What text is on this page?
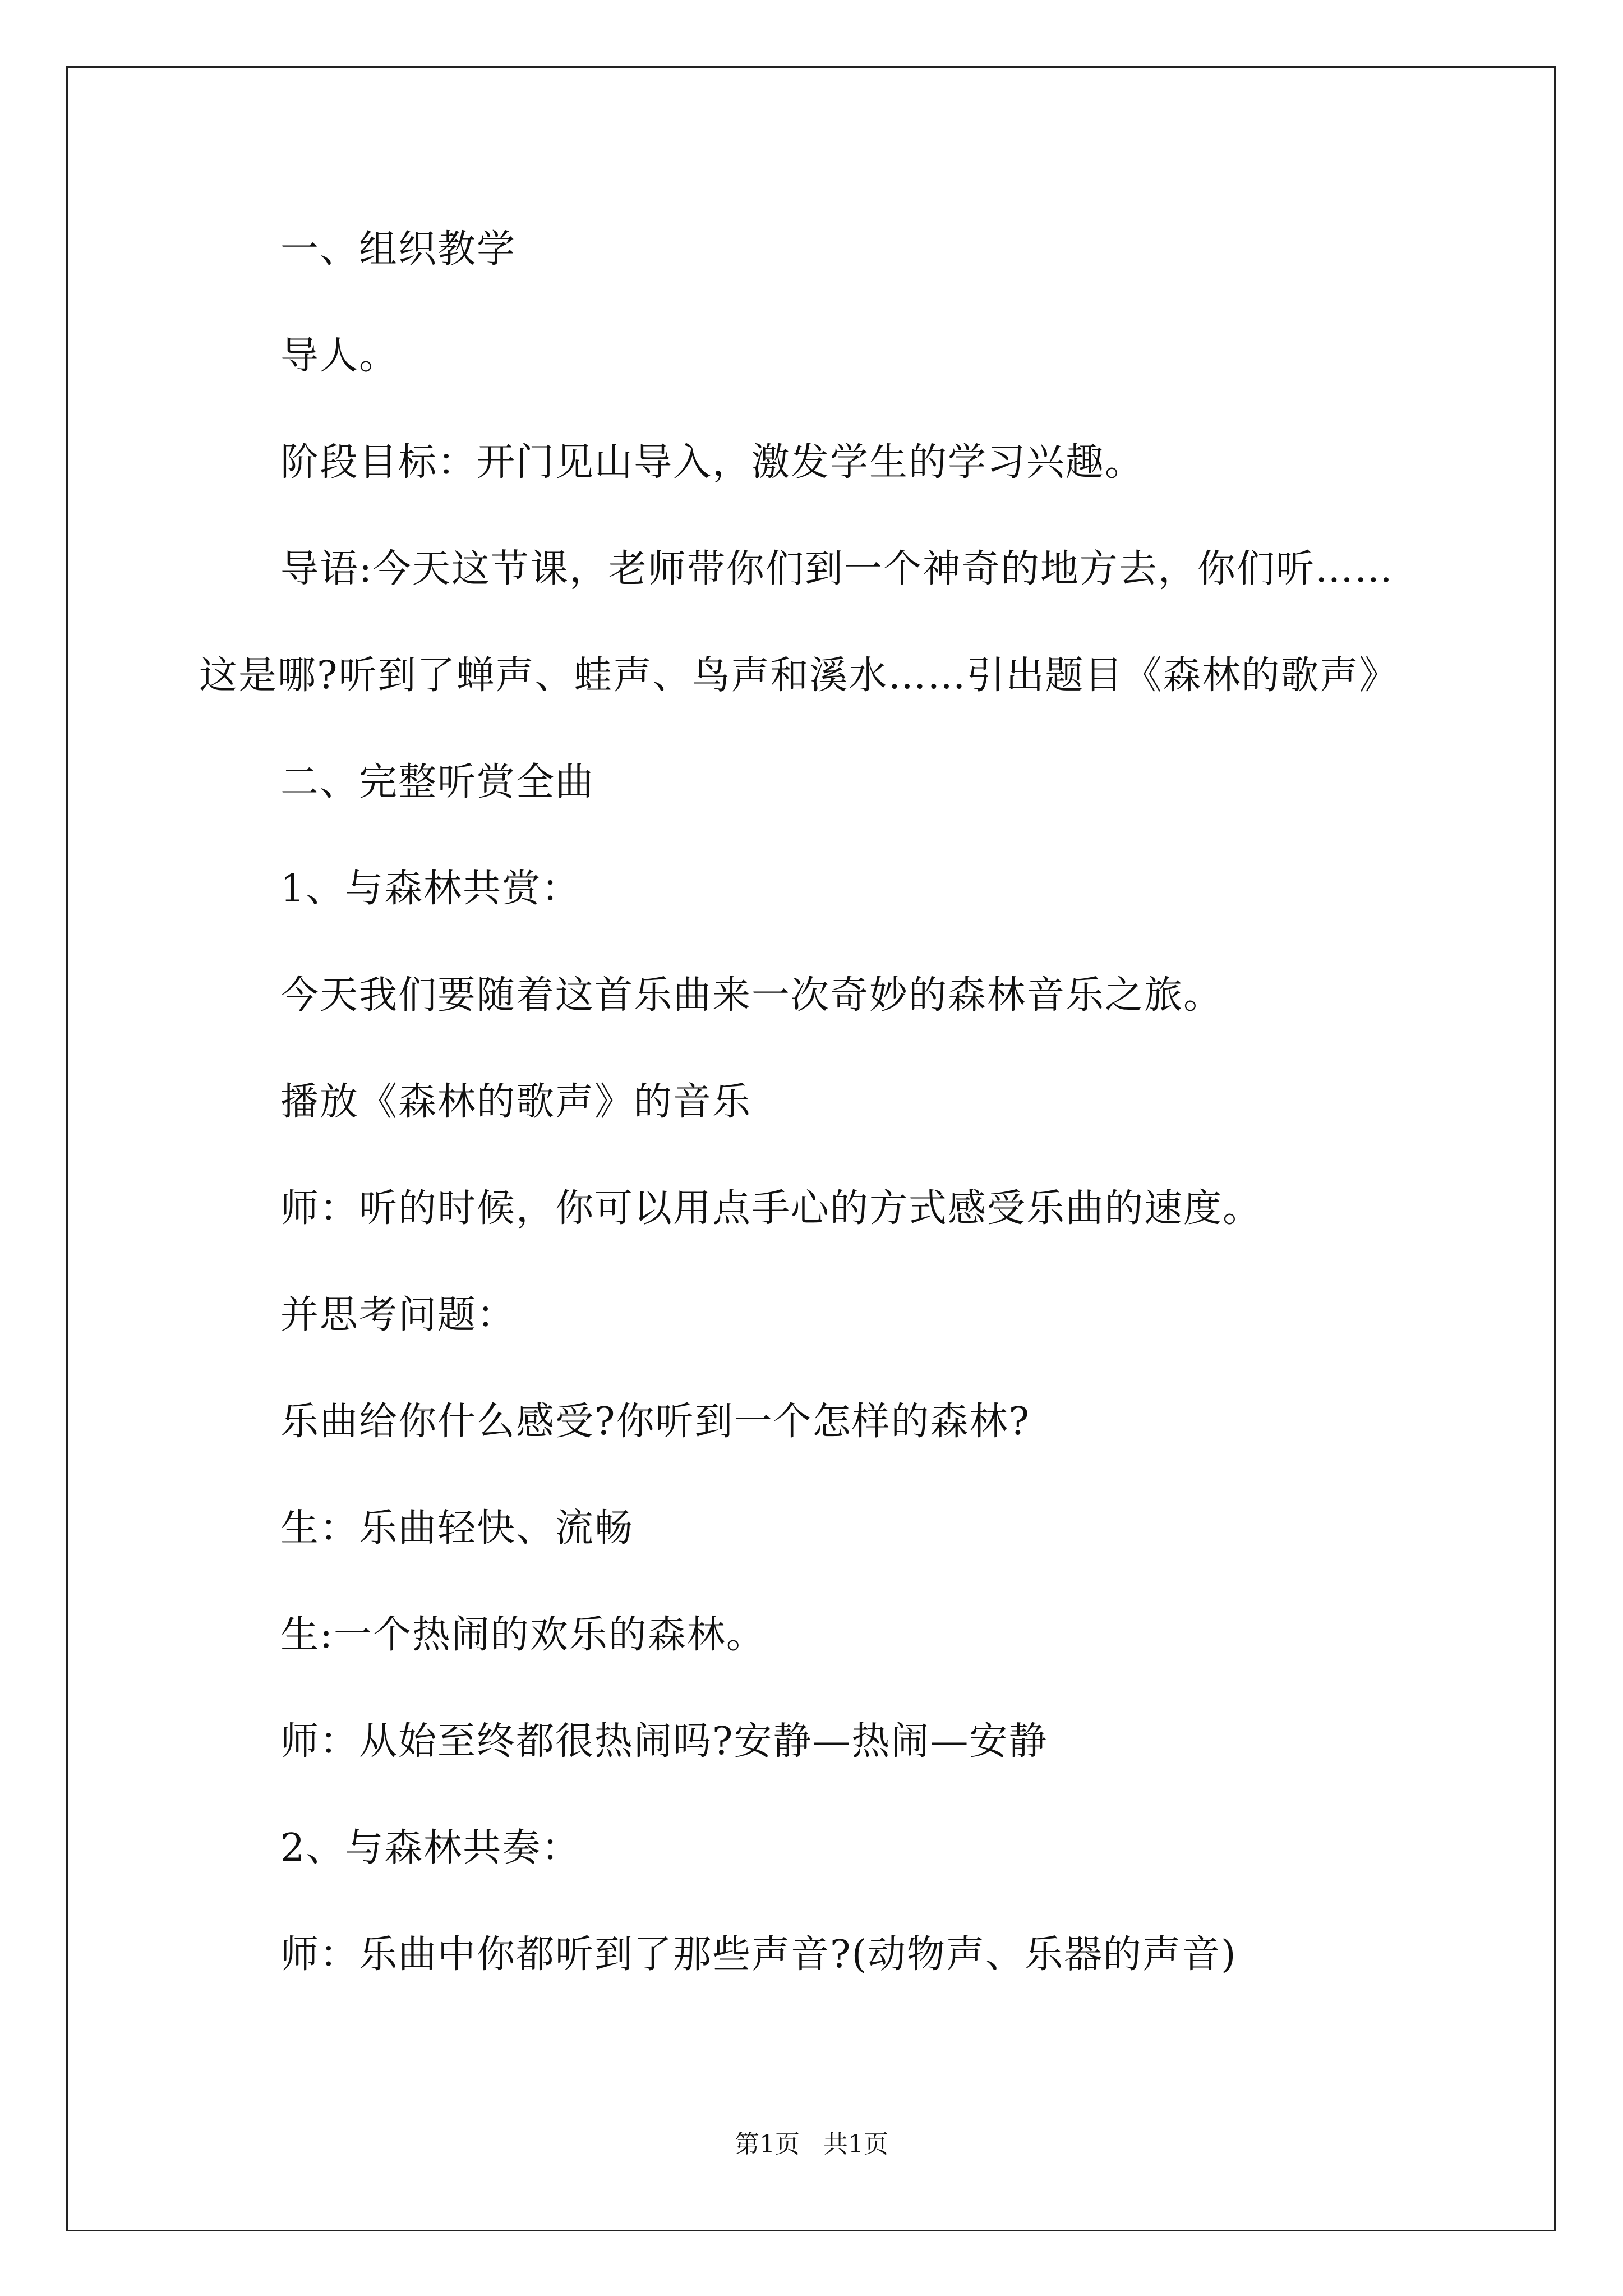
一、组织教学
导人。
阶段目标：开门见山导入，激发学生的学习兴趣。
导语:今天这节课，老师带你们到一个神奇的地方去，你们听……
这是哪?听到了蝉声、蛙声、鸟声和溪水……引出题目《森林的歌声》
二、完整听赏全曲
1、与森林共赏：
今天我们要随着这首乐曲来一次奇妙的森林音乐之旅。
播放《森林的歌声》的音乐
师：听的时候，你可以用点手心的方式感受乐曲的速度。
并思考问题：
乐曲给你什么感受?你听到一个怎样的森林?
生：乐曲轻快、流畅
生:一个热闹的欢乐的森林。
师：从始至终都很热闹吗?安静—热闹—安静
2、与森林共奏：
师：乐曲中你都听到了那些声音?(动物声、乐器的声音)
第1页   共1页
